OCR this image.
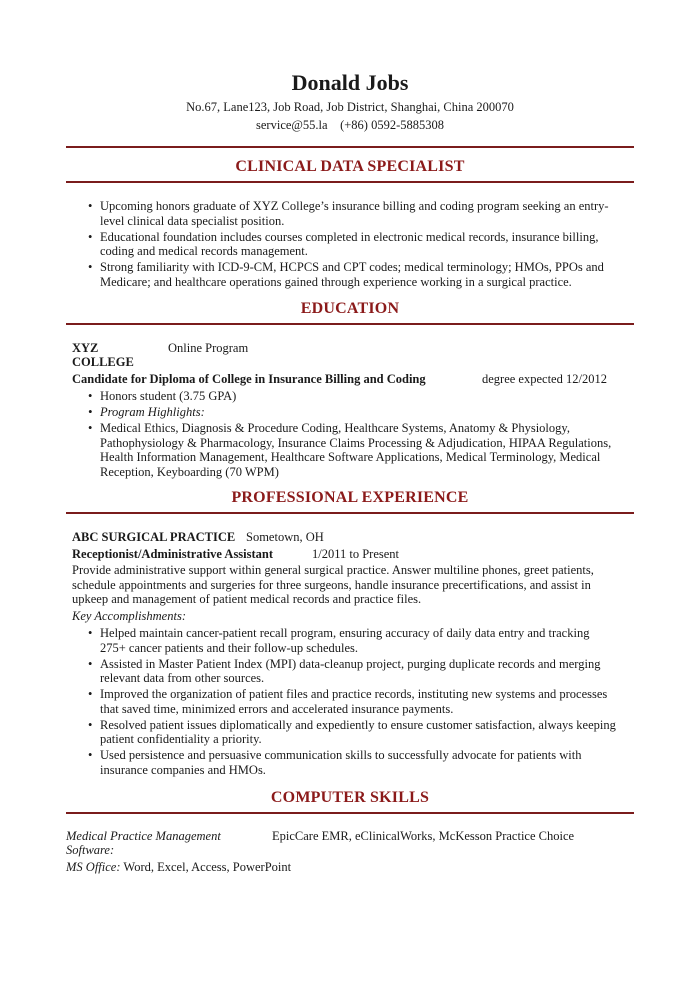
Donald Jobs
No.67, Lane123, Job Road, Job District, Shanghai, China 200070
service@55.la    (+86) 0592-5885308
CLINICAL DATA SPECIALIST
• Upcoming honors graduate of XYZ College’s insurance billing and coding program seeking an entry-level clinical data specialist position.
• Educational foundation includes courses completed in electronic medical records, insurance billing, coding and medical records management.
• Strong familiarity with ICD-9-CM, HCPCS and CPT codes; medical terminology; HMOs, PPOs and Medicare; and healthcare operations gained through experience working in a surgical practice.
EDUCATION
XYZ
COLLEGE
Online Program
Candidate for Diploma of College in Insurance Billing and Coding	degree expected 12/2012
• Honors student (3.75 GPA)
• Program Highlights:
• Medical Ethics, Diagnosis & Procedure Coding, Healthcare Systems, Anatomy & Physiology, Pathophysiology & Pharmacology, Insurance Claims Processing & Adjudication, HIPAA Regulations, Health Information Management, Healthcare Software Applications, Medical Terminology, Medical Reception, Keyboarding (70 WPM)
PROFESSIONAL EXPERIENCE
ABC SURGICAL PRACTICE Sometown, OH
Receptionist/Administrative Assistant	1/2011 to Present
Provide administrative support within general surgical practice. Answer multiline phones, greet patients, schedule appointments and surgeries for three surgeons, handle insurance precertifications, and assist in upkeep and management of patient medical records and practice files.
Key Accomplishments:
• Helped maintain cancer-patient recall program, ensuring accuracy of daily data entry and tracking 275+ cancer patients and their follow-up schedules.
• Assisted in Master Patient Index (MPI) data-cleanup project, purging duplicate records and merging relevant data from other sources.
• Improved the organization of patient files and practice records, instituting new systems and processes that saved time, minimized errors and accelerated insurance payments.
• Resolved patient issues diplomatically and expediently to ensure customer satisfaction, always keeping patient confidentiality a priority.
• Used persistence and persuasive communication skills to successfully advocate for patients with insurance companies and HMOs.
COMPUTER SKILLS
Medical Practice Management
Software:
EpicCare EMR, eClinicalWorks, McKesson Practice Choice
MS Office: Word, Excel, Access, PowerPoint
